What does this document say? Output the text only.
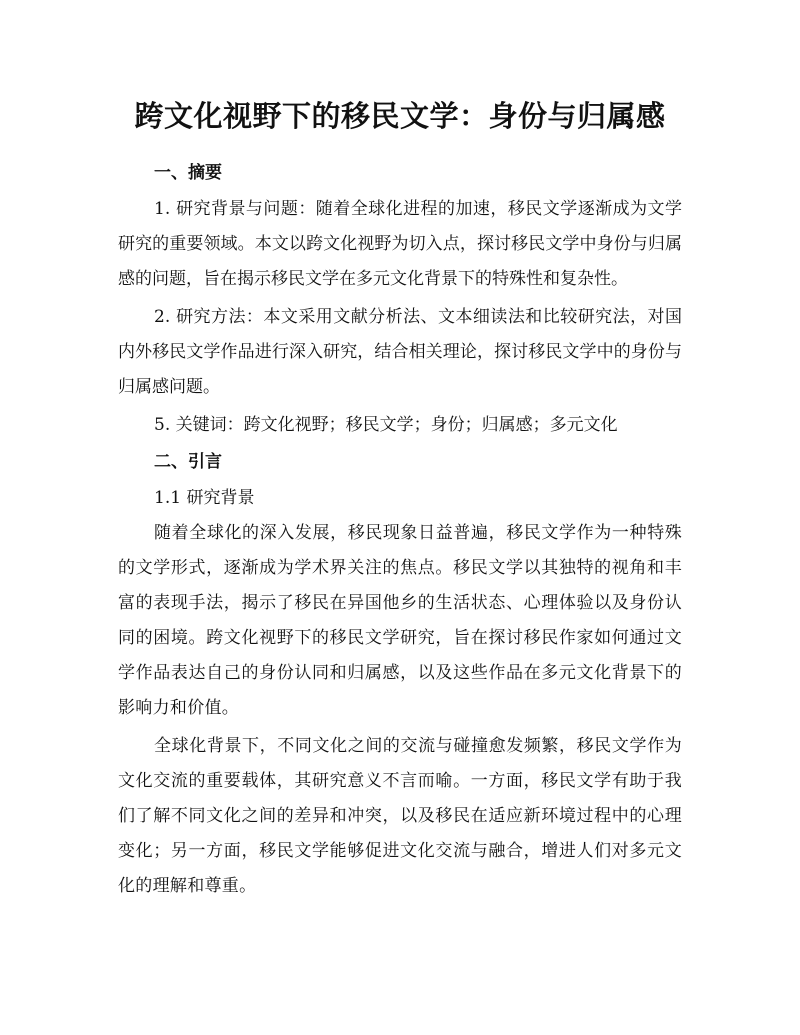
跨文化视野下的移民文学：身份与归属感
一、摘要

1. 研究背景与问题：随着全球化进程的加速，移民文学逐渐成为文学研究的重要领域。本文以跨文化视野为切入点，探讨移民文学中身份与归属感的问题，旨在揭示移民文学在多元文化背景下的特殊性和复杂性。

2. 研究方法：本文采用文献分析法、文本细读法和比较研究法，对国内外移民文学作品进行深入研究，结合相关理论，探讨移民文学中的身份与归属感问题。

5. 关键词：跨文化视野；移民文学；身份；归属感；多元文化

二、引言

1.1 研究背景

随着全球化的深入发展，移民现象日益普遍，移民文学作为一种特殊的文学形式，逐渐成为学术界关注的焦点。移民文学以其独特的视角和丰富的表现手法，揭示了移民在异国他乡的生活状态、心理体验以及身份认同的困境。跨文化视野下的移民文学研究，旨在探讨移民作家如何通过文学作品表达自己的身份认同和归属感，以及这些作品在多元文化背景下的影响力和价值。

全球化背景下，不同文化之间的交流与碰撞愈发频繁，移民文学作为文化交流的重要载体，其研究意义不言而喻。一方面，移民文学有助于我们了解不同文化之间的差异和冲突，以及移民在适应新环境过程中的心理变化；另一方面，移民文学能够促进文化交流与融合，增进人们对多元文化的理解和尊重。
